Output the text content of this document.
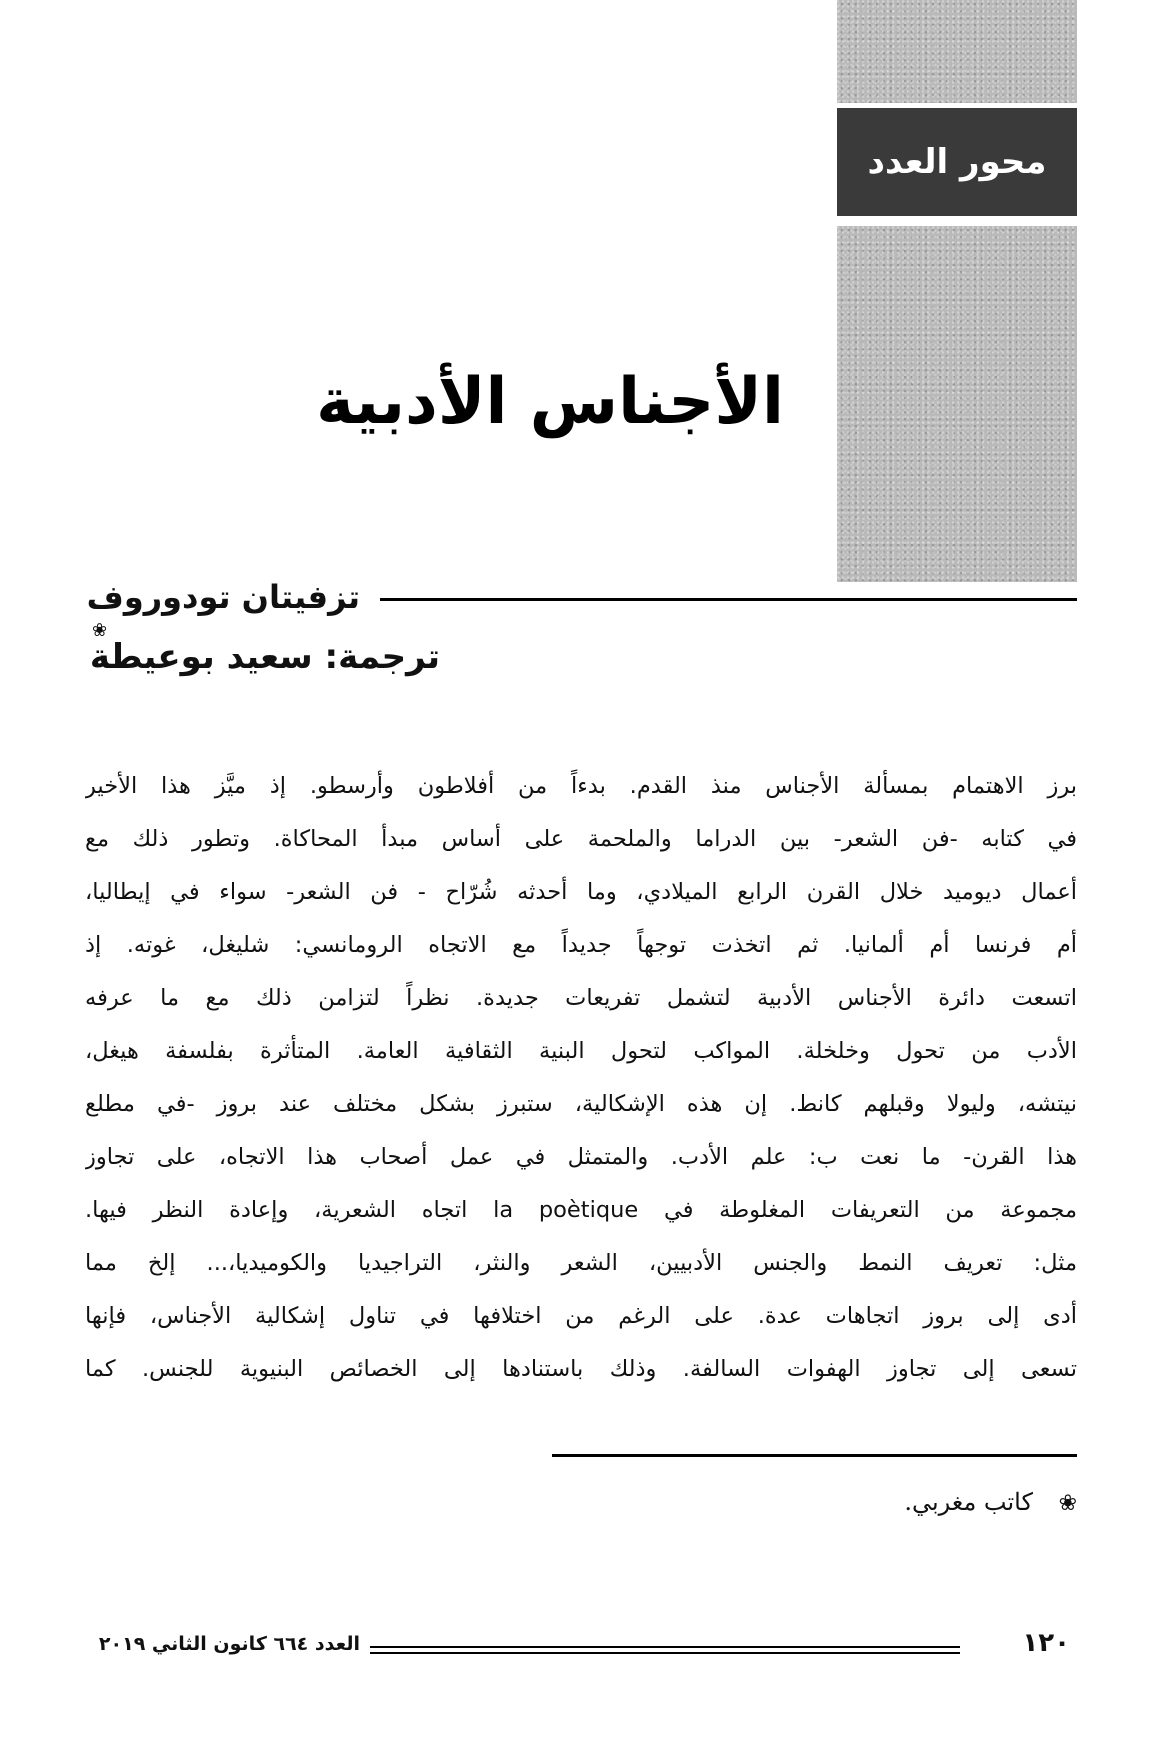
محور العدد
الأجناس الأدبية
تزفيتان تودوروف
❀
ترجمة: سعيد بوعيطة
برز الاهتمام بمسألة الأجناس منذ القدم. بدءاً من أفلاطون وأرسطو. إذ ميَّز هذا الأخير
في كتابه -فن الشعر- بين الدراما والملحمة على أساس مبدأ المحاكاة. وتطور ذلك مع
أعمال ديوميد خلال القرن الرابع الميلادي، وما أحدثه شُرّاح - فن الشعر- سواء في إيطاليا،
أم فرنسا أم ألمانيا. ثم اتخذت توجهاً جديداً مع الاتجاه الرومانسي: شليغل، غوته. إذ
اتسعت دائرة الأجناس الأدبية لتشمل تفريعات جديدة. نظراً لتزامن ذلك مع ما عرفه
الأدب من تحول وخلخلة. المواكب لتحول البنية الثقافية العامة. المتأثرة بفلسفة هيغل،
نيتشه، وليولا وقبلهم كانط. إن هذه الإشكالية، ستبرز بشكل مختلف عند بروز -في مطلع
هذا القرن- ما نعت ب: علم الأدب. والمتمثل في عمل أصحاب هذا الاتجاه، على تجاوز
مجموعة من التعريفات المغلوطة في la poètique اتجاه الشعرية، وإعادة النظر فيها.
مثل: تعريف النمط والجنس الأدبيين، الشعر والنثر، التراجيديا والكوميديا،... إلخ مما
أدى إلى بروز اتجاهات عدة. على الرغم من اختلافها في تناول إشكالية الأجناس، فإنها
تسعى إلى تجاوز الهفوات السالفة. وذلك باستنادها إلى الخصائص البنيوية للجنس. كما
❀ كاتب مغربي.
العدد ٦٦٤ كانون الثاني ٢٠١٩	١٢٠
